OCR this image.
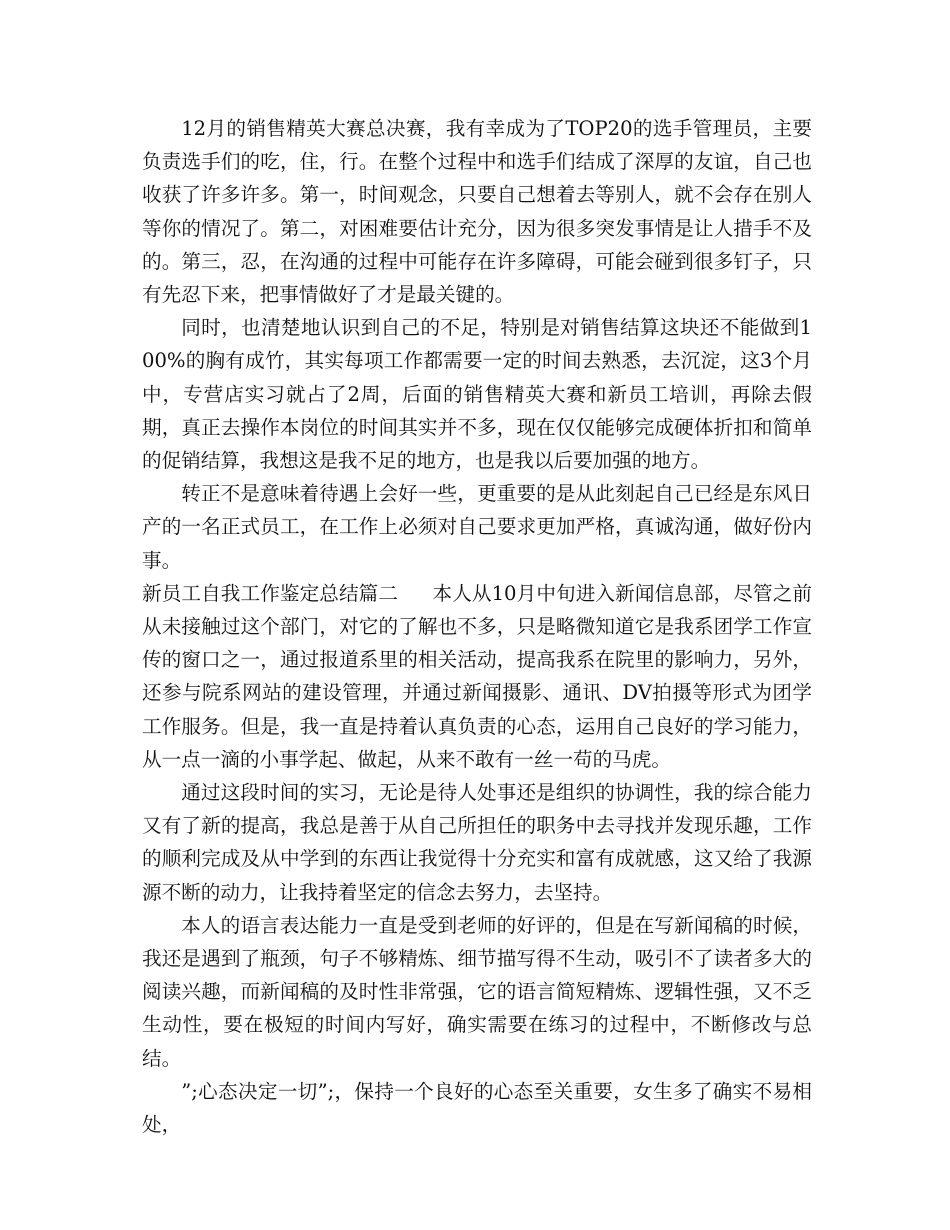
12月的销售精英大赛总决赛，我有幸成为了TOP20的选手管理员，主要负责选手们的吃，住，行。在整个过程中和选手们结成了深厚的友谊，自己也收获了许多许多。第一，时间观念，只要自己想着去等别人，就不会存在别人等你的情况了。第二，对困难要估计充分，因为很多突发事情是让人措手不及的。第三，忍，在沟通的过程中可能存在许多障碍，可能会碰到很多钉子，只有先忍下来，把事情做好了才是最关键的。

同时，也清楚地认识到自己的不足，特别是对销售结算这块还不能做到100%的胸有成竹，其实每项工作都需要一定的时间去熟悉，去沉淀，这3个月中，专营店实习就占了2周，后面的销售精英大赛和新员工培训，再除去假期，真正去操作本岗位的时间其实并不多，现在仅仅能够完成硬体折扣和简单的促销结算，我想这是我不足的地方，也是我以后要加强的地方。

转正不是意味着待遇上会好一些，更重要的是从此刻起自己已经是东风日产的一名正式员工，在工作上必须对自己要求更加严格，真诚沟通，做好份内事。

新员工自我工作鉴定总结篇二 本人从10月中旬进入新闻信息部，尽管之前从未接触过这个部门，对它的了解也不多，只是略微知道它是我系团学工作宣传的窗口之一，通过报道系里的相关活动，提高我系在院里的影响力，另外，还参与院系网站的建设管理，并通过新闻摄影、通讯、DV拍摄等形式为团学工作服务。但是，我一直是持着认真负责的心态，运用自己良好的学习能力，从一点一滴的小事学起、做起，从来不敢有一丝一苟的马虎。

通过这段时间的实习，无论是待人处事还是组织的协调性，我的综合能力又有了新的提高，我总是善于从自己所担任的职务中去寻找并发现乐趣，工作的顺利完成及从中学到的东西让我觉得十分充实和富有成就感，这又给了我源源不断的动力，让我持着坚定的信念去努力，去坚持。

本人的语言表达能力一直是受到老师的好评的，但是在写新闻稿的时候，我还是遇到了瓶颈，句子不够精炼、细节描写得不生动，吸引不了读者多大的阅读兴趣，而新闻稿的及时性非常强，它的语言简短精炼、逻辑性强，又不乏生动性，要在极短的时间内写好，确实需要在练习的过程中，不断修改与总结。

”;心态决定一切”;，保持一个良好的心态至关重要，女生多了确实不易相处，
